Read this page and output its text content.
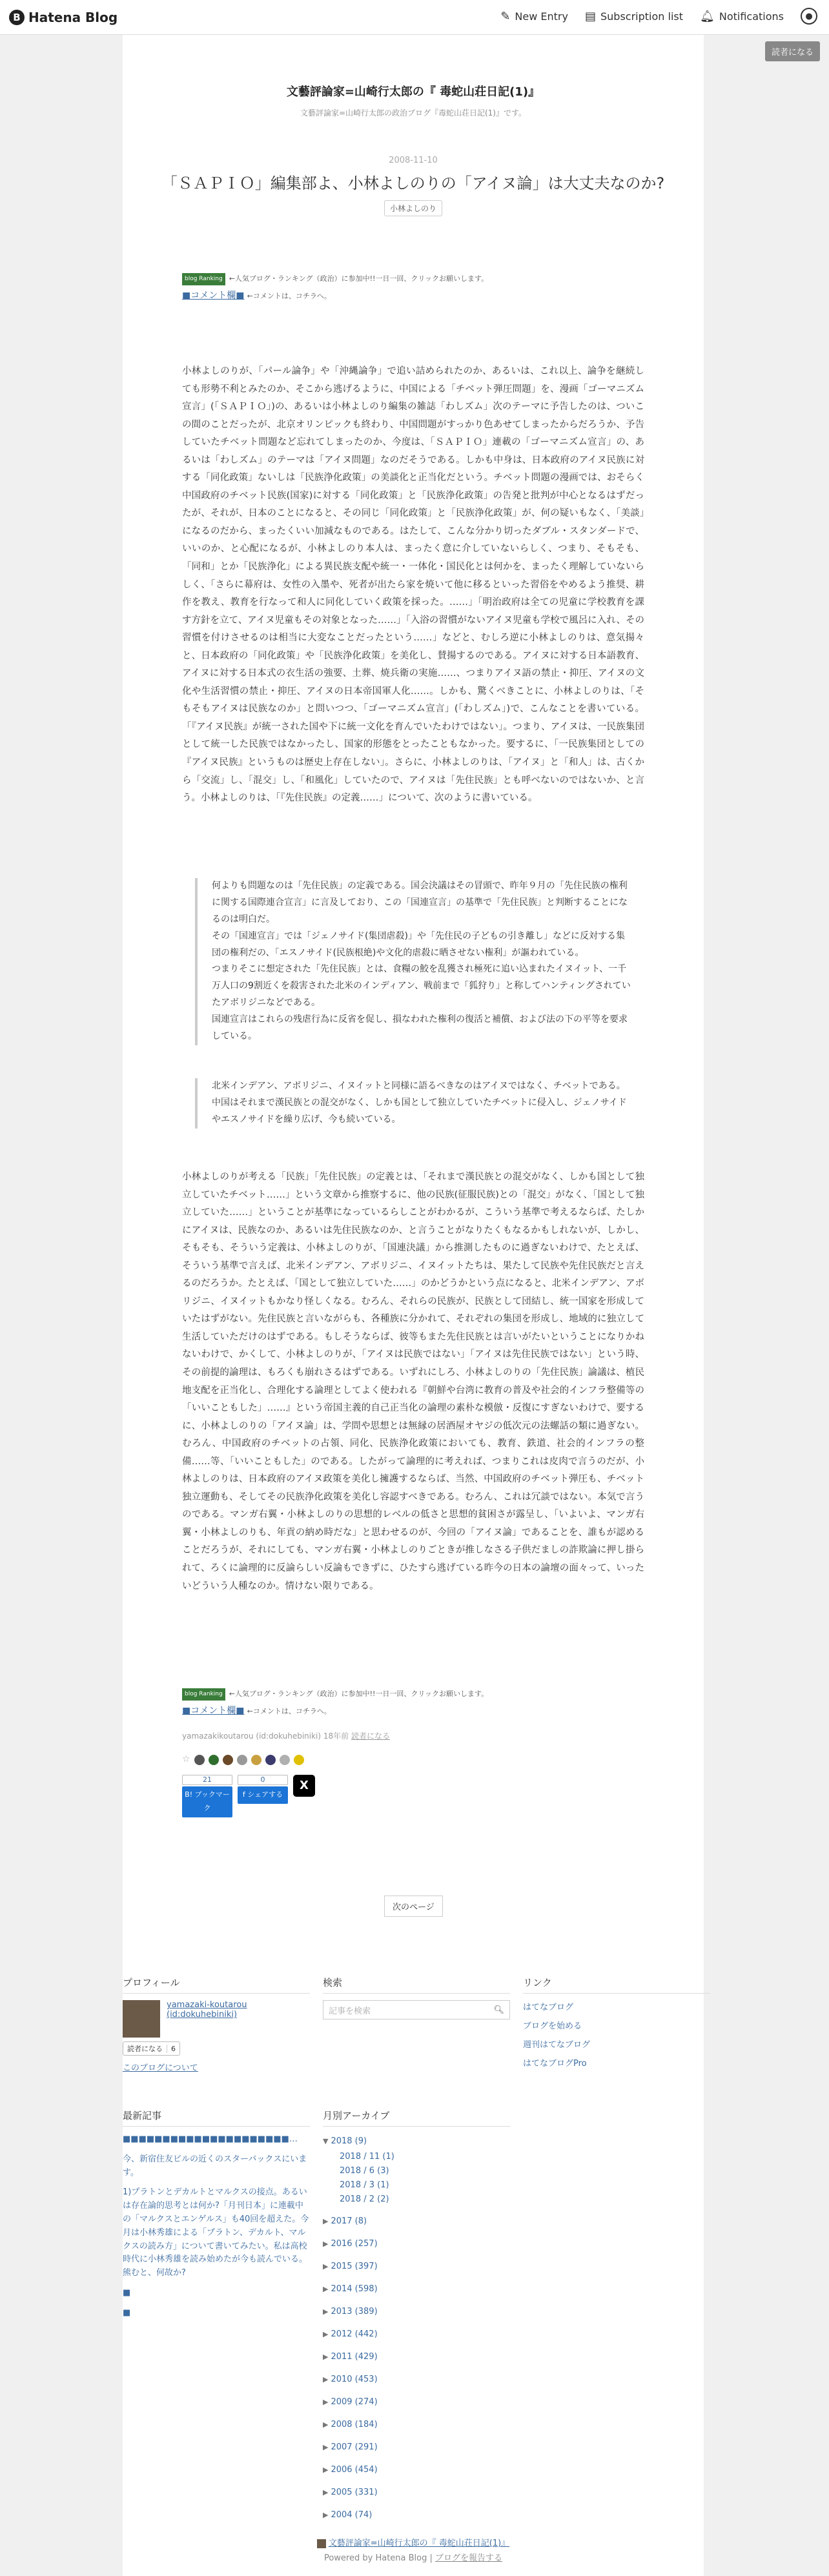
B Hatena Blog	✎ New Entry ▤ Subscription list 🔔︎ Notifications	●
読者になる
文藝評論家=山崎行太郎の『 毒蛇山荘日記(1)』
文藝評論家=山崎行太郎の政治ブログ『毒蛇山荘日記(1)』です。
2008-11-10
「ＳＡＰＩＯ」編集部よ、小林よしのりの「アイヌ論」は大丈夫なのか?
小林よしのり
blog Ranking ←人気ブログ・ランキング（政治）に参加中!!一日一回、クリックお願いします。
■コメント欄■ ←コメントは、コチラへ。

小林よしのりが、「パール論争」や「沖縄論争」で追い詰められたのか、あるいは、これ以上、論争を継続しても形勢不利とみたのか、そこから逃げるように、中国による「チベット弾圧問題」を、漫画「ゴーマニズム宣言」(「ＳＡＰＩＯ」)の、あるいは小林よしのり編集の雑誌「わしズム」次のテーマに予告したのは、ついこの間のことだったが、北京オリンピックも終わり、中国問題がすっかり色あせてしまったからだろうか、予告していたチベット問題など忘れてしまったのか、今度は、「ＳＡＰＩＯ」連載の「ゴーマニズム宣言」の、あるいは「わしズム」のテーマは「アイヌ問題」なのだそうである。しかも中身は、日本政府のアイヌ民族に対する「同化政策」ないしは「民族浄化政策」の美談化と正当化だという。チベット問題の漫画では、おそらく中国政府のチベット民族(国家)に対する「同化政策」と「民族浄化政策」の告発と批判が中心となるはずだったが、それが、日本のことになると、その同じ「同化政策」と「民族浄化政策」が、何の疑いもなく、「美談」になるのだから、まったくいい加減なものである。はたして、こんな分かり切ったダブル・スタンダードで、いいのか、と心配になるが、小林よしのり本人は、まったく意に介していないらしく、つまり、そもそも、「同和」とか「民族浄化」による異民族支配や統一・一体化・国民化とは何かを、まったく理解していないらしく、「さらに幕府は、女性の入墨や、死者が出たら家を焼いて他に移るといった習俗をやめるよう推奨、耕作を教え、教育を行なって和人に同化していく政策を採った。……」「明治政府は全ての児童に学校教育を課す方針を立て、アイヌ児童もその対象となった……」「入浴の習慣がないアイヌ児童も学校で風呂に入れ、その習慣を付けさせるのは相当に大変なことだったという……」などと、むしろ逆に小林よしのりは、意気揚々と、日本政府の「同化政策」や「民族浄化政策」を美化し、賛揚するのである。アイヌに対する日本語教育、アイヌに対する日本式の衣生活の強要、土葬、焼兵衛の実施……、つまりアイヌ語の禁止・抑圧、アイヌの文化や生活習慣の禁止・抑圧、アイヌの日本帝国軍人化……。しかも、驚くべきことに、小林よしのりは、「そもそもアイヌは民族なのか」と問いつつ、「ゴーマニズム宣言」(「わしズム」)で、こんなことを書いている。「『アイヌ民族』が統一された国や下に統一文化を育んでいたわけではない」。つまり、アイヌは、一民族集団として統一した民族ではなかったし、国家的形態をとったこともなかった。要するに、「一民族集団としての『アイヌ民族』というものは歴史上存在しない」。さらに、小林よしのりは、「アイヌ」と「和人」は、古くから「交流」し、「混交」し、「和風化」していたので、アイヌは「先住民族」とも呼べないのではないか、と言う。小林よしのりは、「『先住民族』の定義……」について、次のように書いている。

何よりも問題なのは「先住民族」の定義である。国会決議はその冒頭で、昨年９月の「先住民族の権利に関する国際連合宣言」に言及しており、この「国連宣言」の基準で「先住民族」と判断することになるのは明白だ。

その「国連宣言」では「ジェノサイド(集団虐殺)」や「先住民の子どもの引き離し」などに反対する集団の権利だの、「エスノサイド(民族根絶)や文化的虐殺に晒させない権利」が謳われている。

つまりそこに想定された「先住民族」とは、食糧の鮫を乱獲され極死に追い込まれたイヌイット、一千万人口の9割近くを殺害された北米のインディアン、戦前まで「狐狩り」と称してハンティングされていたアボリジニなどである。

国連宣言はこれらの残虐行為に反省を促し、損なわれた権利の復活と補償、および法の下の平等を要求している。

北米インデアン、アボリジニ、イヌイットと同様に語るべきなのはアイヌではなく、チベットである。

中国はそれまで漢民族との混交がなく、しかも国として独立していたチベットに侵入し、ジェノサイドやエスノサイドを繰り広げ、今も続いている。

小林よしのりが考える「民族」「先住民族」の定義とは、「それまで漢民族との混交がなく、しかも国として独立していたチベット……」という文章から推察するに、他の民族(征服民族)との「混交」がなく、「国として独立していた……」ということが基準になっているらしことがわかるが、こういう基準で考えるならば、たしかにアイヌは、民族なのか、あるいは先住民族なのか、と言うことがなりたくもなるかもしれないが、しかし、そもそも、そういう定義は、小林よしのりが、「国連決議」から推測したものに過ぎないわけで、たとえば、そういう基準で言えば、北米インデアン、アボリジニ、イヌイットたちは、果たして民族や先住民族だと言えるのだろうか。たとえば、「国として独立していた……」のかどうかという点になると、北米インデアン、アボリジニ、イヌイットもかなり怪しくなる。むろん、それらの民族が、民族として団結し、統一国家を形成していたはずがない。先住民族と言いながらも、各種族に分かれて、それぞれの集団を形成し、地域的に独立して生活していただけのはずである。もしそうならば、彼等もまた先住民族とは言いがたいということになりかねないわけで、かくして、小林よしのりが、「アイヌは民族ではない」「アイヌは先住民族ではない」という時、その前提的論理は、もろくも崩れさるはずである。いずれにしろ、小林よしのりの「先住民族」論議は、植民地支配を正当化し、合理化する論理としてよく使われる『朝鮮や台湾に教育の普及や社会的インフラ整備等の「いいこともした」……』という帝国主義的自己正当化の論理の素朴な模倣・反復にすぎないわけで、要するに、小林よしのりの「アイヌ論」は、学問や思想とは無縁の居酒屋オヤジの低次元の法螺話の類に過ぎない。むろん、中国政府のチベットの占領、同化、民族浄化政策においても、教育、鉄道、社会的インフラの整備……等、「いいこともした」のである。したがって論理的に考えれば、つまりこれは皮肉で言うのだが、小林よしのりは、日本政府のアイヌ政策を美化し擁護するならば、当然、中国政府のチベット弾圧も、チベット独立運動も、そしてその民族浄化政策を美化し容認すべきである。むろん、これは冗談ではない。本気で言うのである。マンガ右翼・小林よしのりの思想的レベルの低さと思想的貧困さが露呈し、「いよいよ、マンガ右翼・小林よしのりも、年貢の納め時だな」と思わせるのが、今回の「アイヌ論」であることを、誰もが認めることだろうが、それにしても、マンガ右翼・小林よしのりごときが推しなさる子供だましの詐欺論に押し掛られて、ろくに論理的に反論らしい反論もできずに、ひたすら逃げている昨今の日本の論壇の面々って、いったいどういう人種なのか。情けない限りである。

blog Ranking ←人気ブログ・ランキング（政治）に参加中!!一日一回、クリックお願いします。
■コメント欄■ ←コメントは、コチラへ。
yamazakikoutarou (id:dokuhebiniki) 18年前 読者になる
☆
21
B! ブックマーク
0
f シェアする
X
次のページ
プロフィール
yamazaki-koutarou
(id:dokuhebiniki)
読者になる	6
このブログについて
検索
記事を検索	🔍︎
リンク
はてなブログ
ブログを始める
週刊はてなブログ
はてなブログPro
最新記事
■■■■■■■■■■■■■■■■■■■■■…
今、新宿住友ビルの近くのスターバックスにいます。
1)プラトンとデカルトとマルクスの接点。あるいは存在論的思考とは何か?「月刊日本」に連載中の「マルクスとエンゲルス」も40回を超えた。今月は小林秀雄による「プラトン、デカルト、マルクスの読み方」について書いてみたい。私は高校時代に小林秀雄を読み始めたが今も読んでいる。熊むと、何故か?
■
■
月別アーカイブ
▼ 2018 (9)
2018 / 11 (1)
2018 / 6 (3)
2018 / 3 (1)
2018 / 2 (2)
▶ 2017 (8)
▶ 2016 (257)
▶ 2015 (397)
▶ 2014 (598)
▶ 2013 (389)
▶ 2012 (442)
▶ 2011 (429)
▶ 2010 (453)
▶ 2009 (274)
▶ 2008 (184)
▶ 2007 (291)
▶ 2006 (454)
▶ 2005 (331)
▶ 2004 (74)
文藝評論家=山崎行太郎の『 毒蛇山荘日記(1)』
Powered by Hatena Blog | ブログを報告する
